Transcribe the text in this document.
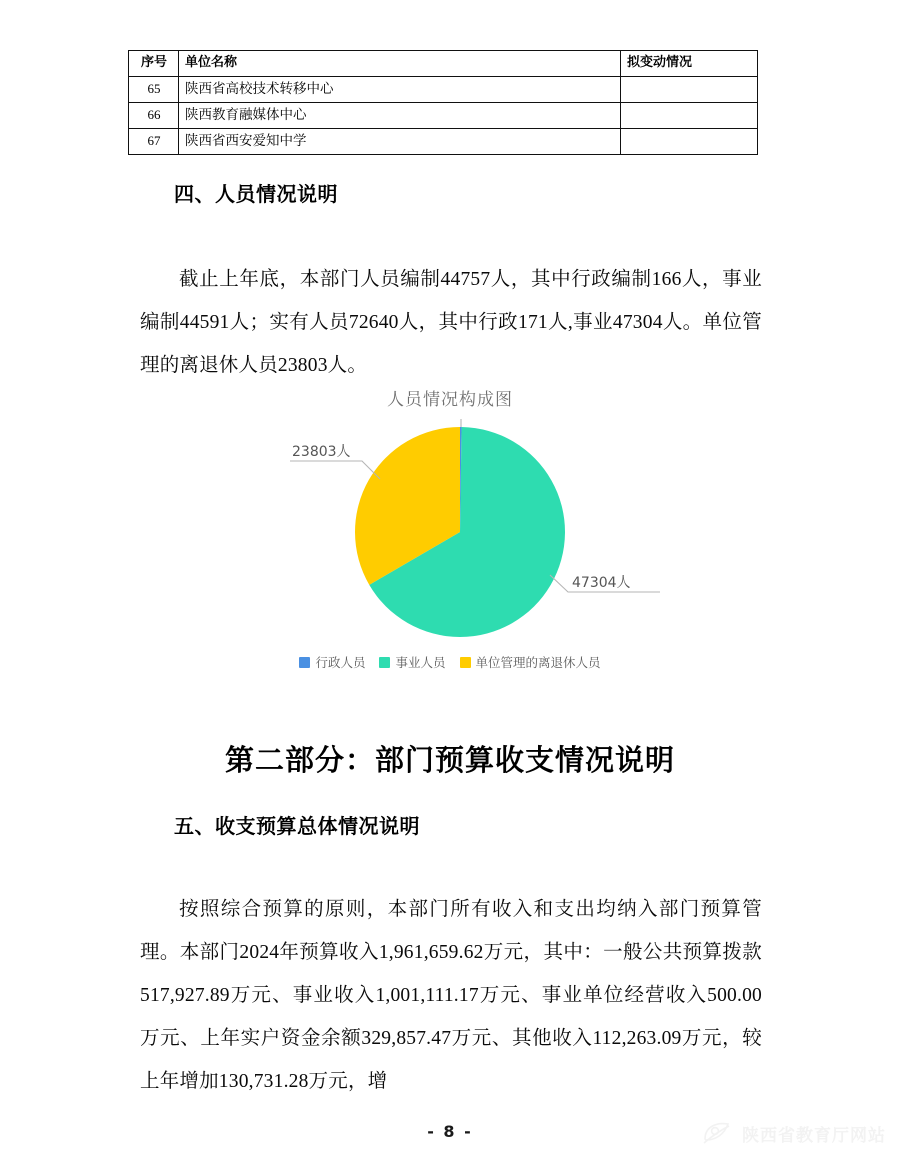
序号	单位名称	拟变动情况
65	陕西省高校技术转移中心	
66	陕西教育融媒体中心	
67	陕西省西安爱知中学	
四、人员情况说明

截止上年底，本部门人员编制44757人，其中行政编制166人，事业编制44591人；实有人员72640人，其中行政171人,事业47304人。单位管理的离退休人员23803人。

人员情况构成图
47304人
23803人
行政人员 事业人员 单位管理的离退休人员
第二部分：部门预算收支情况说明
五、收支预算总体情况说明

按照综合预算的原则，本部门所有收入和支出均纳入部门预算管理。本部门2024年预算收入1,961,659.62万元，其中：一般公共预算拨款517,927.89万元、事业收入1,001,111.17万元、事业单位经营收入500.00万元、上年实户资金余额329,857.47万元、其他收入112,263.09万元，较上年增加130,731.28万元，增

- 8 -	陕西省教育厅网站
